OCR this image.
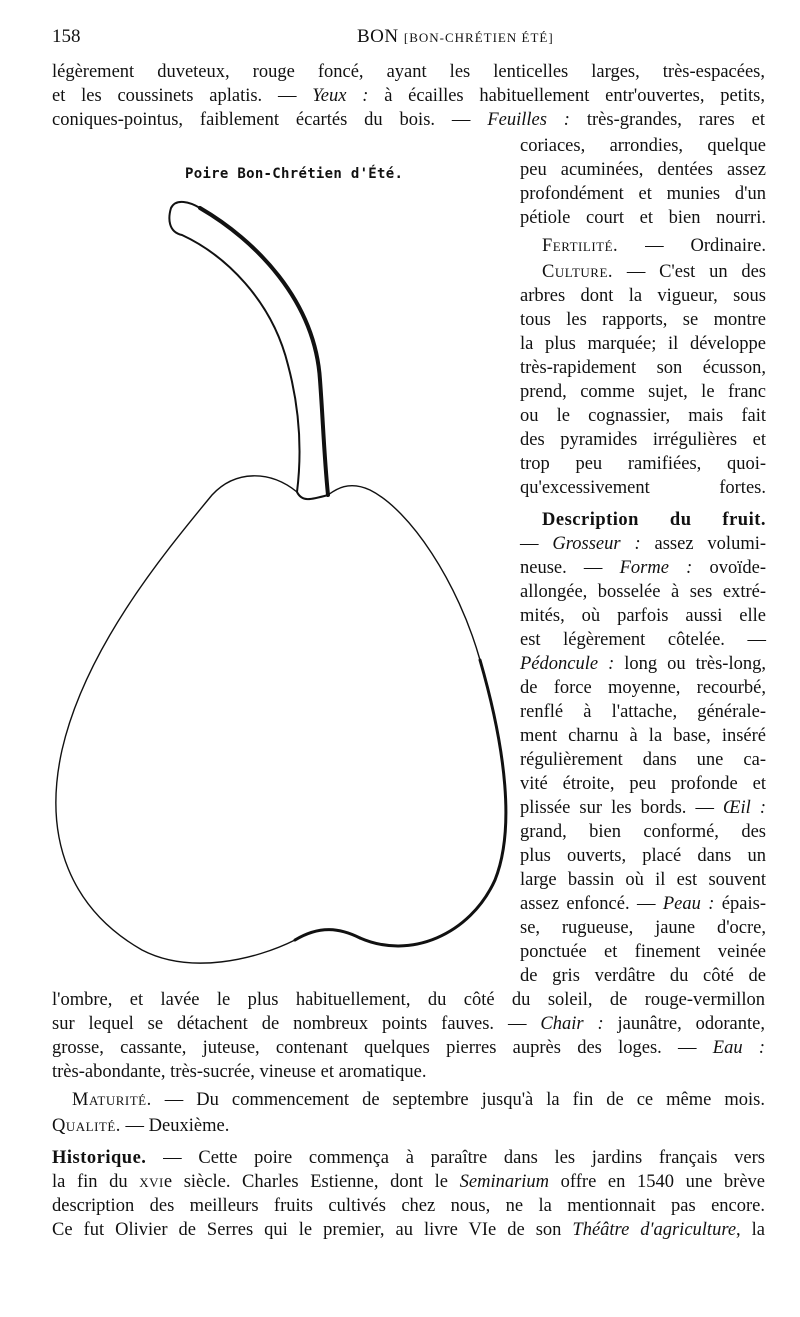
158	BON [BON-CHRÉTIEN ÉTÉ]
Poire Bon-Chrétien d'Été.
légèrement duveteux, rouge foncé, ayant les lenticelles larges, très-espacées,
et les coussinets aplatis. — Yeux : à écailles habituellement entr'ouvertes, petits,
coniques-pointus, faiblement écartés du bois. — Feuilles : très-grandes, rares et
coriaces, arrondies, quelque
peu acuminées, dentées assez
profondément et munies d'un
pétiole court et bien nourri.
Fertilité. — Ordinaire.
Culture. — C'est un des
arbres dont la vigueur, sous
tous les rapports, se montre
la plus marquée; il développe
très-rapidement son écusson,
prend, comme sujet, le franc
ou le cognassier, mais fait
des pyramides irrégulières et
trop peu ramifiées, quoi-
qu'excessivement fortes.
Description du fruit.
— Grosseur : assez volumi-
neuse. — Forme : ovoïde-
allongée, bosselée à ses extré-
mités, où parfois aussi elle
est légèrement côtelée. —
Pédoncule : long ou très-long,
de force moyenne, recourbé,
renflé à l'attache, générale-
ment charnu à la base, inséré
régulièrement dans une ca-
vité étroite, peu profonde et
plissée sur les bords. — Œil :
grand, bien conformé, des
plus ouverts, placé dans un
large bassin où il est souvent
assez enfoncé. — Peau : épais-
se, rugueuse, jaune d'ocre,
ponctuée et finement veinée
de gris verdâtre du côté de
l'ombre, et lavée le plus habituellement, du côté du soleil, de rouge-vermillon
sur lequel se détachent de nombreux points fauves. — Chair : jaunâtre, odorante,
grosse, cassante, juteuse, contenant quelques pierres auprès des loges. — Eau :
très-abondante, très-sucrée, vineuse et aromatique.
Maturité. — Du commencement de septembre jusqu'à la fin de ce même mois.
Qualité. — Deuxième.
Historique. — Cette poire commença à paraître dans les jardins français vers
la fin du xvie siècle. Charles Estienne, dont le Seminarium offre en 1540 une brève
description des meilleurs fruits cultivés chez nous, ne la mentionnait pas encore.
Ce fut Olivier de Serres qui le premier, au livre VIe de son Théâtre d'agriculture, la
